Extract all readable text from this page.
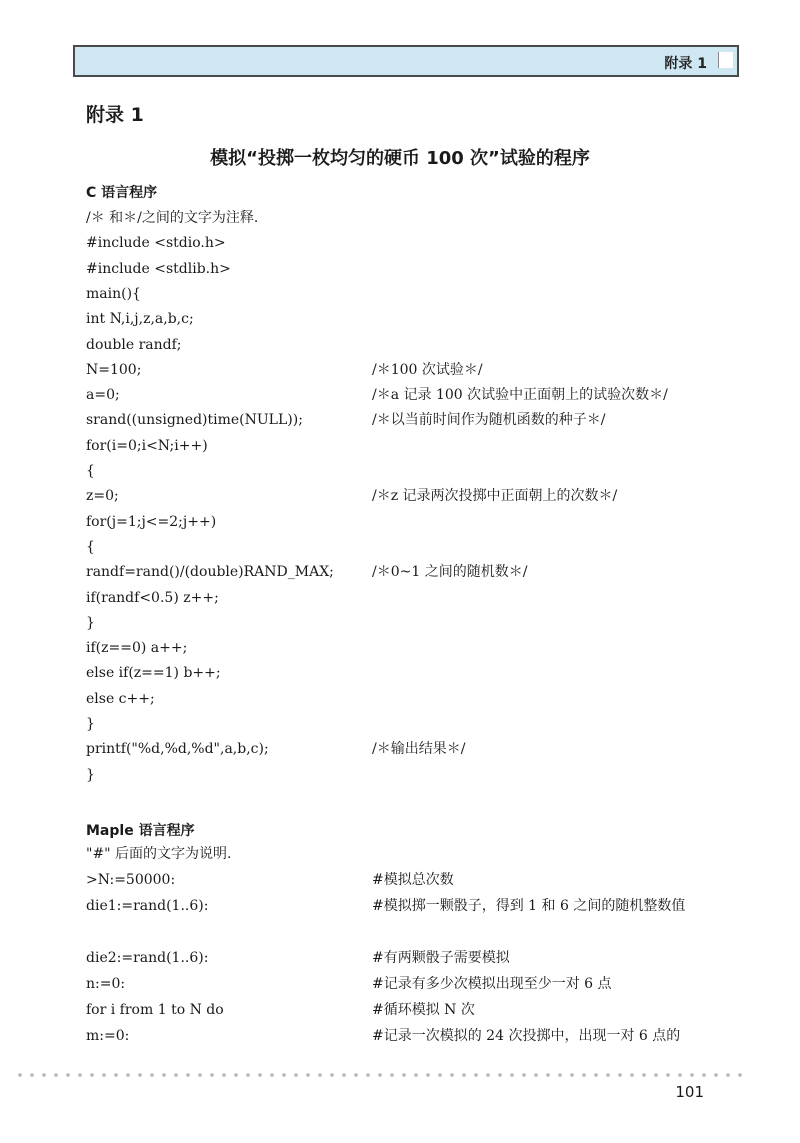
附录 1
附录 1
模拟“投掷一枚均匀的硬币 100 次”试验的程序
C 语言程序
/＊ 和＊/之间的文字为注释.
#include <stdio.h>
#include <stdlib.h>
main(){
int N,i,j,z,a,b,c;
double randf;
N=100;	/＊100 次试验＊/
a=0;	/＊a 记录 100 次试验中正面朝上的试验次数＊/
srand((unsigned)time(NULL));	/＊以当前时间作为随机函数的种子＊/
for(i=0;i<N;i++)
{
z=0;	/＊z 记录两次投掷中正面朝上的次数＊/
for(j=1;j<=2;j++)
{
randf=rand()/(double)RAND_MAX;	/＊0~1 之间的随机数＊/
if(randf<0.5) z++;
}
if(z==0) a++;
else if(z==1) b++;
else c++;
}
printf("%d,%d,%d",a,b,c);	/＊输出结果＊/
}
Maple 语言程序
"#" 后面的文字为说明.
>N:=50000:	#模拟总次数
die1:=rand(1..6):	#模拟掷一颗骰子，得到 1 和 6 之间的随机整数值
die2:=rand(1..6):	#有两颗骰子需要模拟
n:=0:	#记录有多少次模拟出现至少一对 6 点
for i from 1 to N do	#循环模拟 N 次
m:=0:	#记录一次模拟的 24 次投掷中，出现一对 6 点的
101
